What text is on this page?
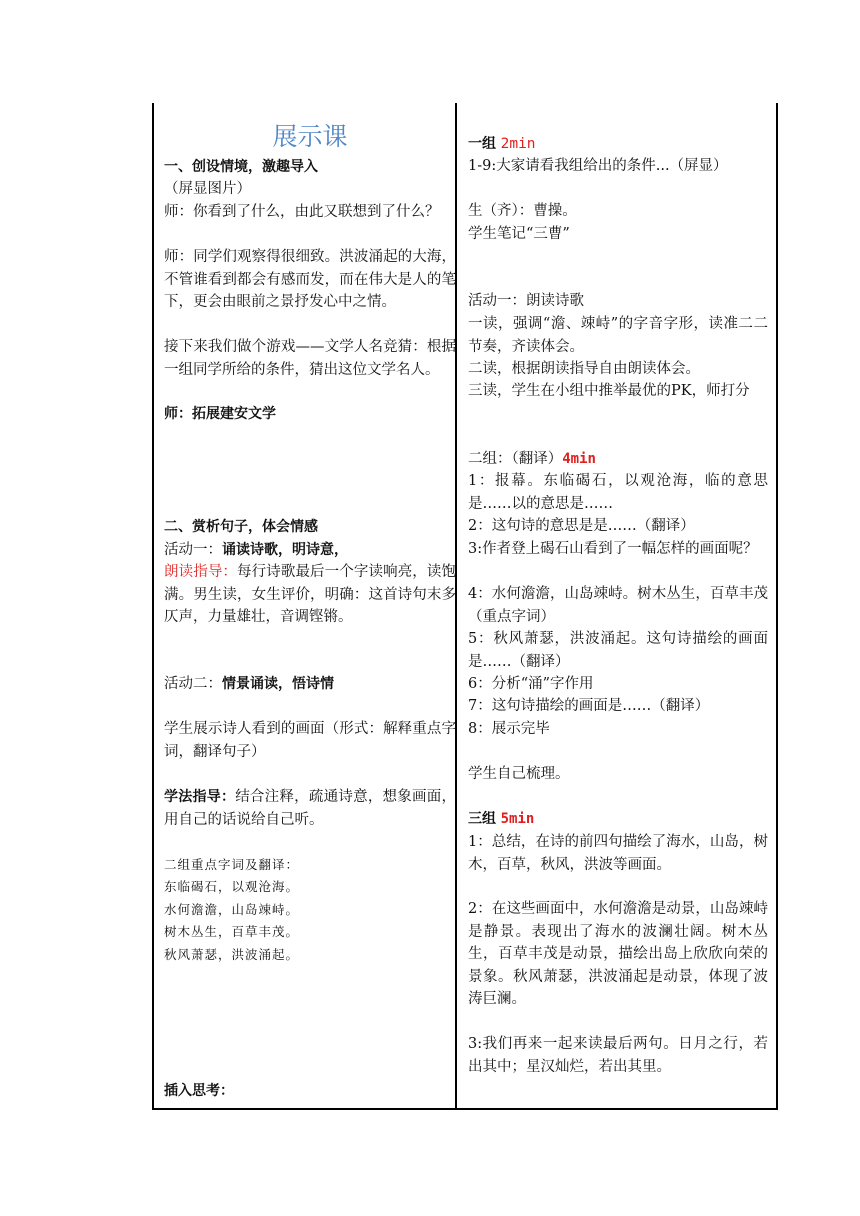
展示课
一、创设情境，激趣导入
（屏显图片）
师：你看到了什么，由此又联想到了什么？
师：同学们观察得很细致。洪波涌起的大海，不管谁看到都会有感而发，而在伟大是人的笔下，更会由眼前之景抒发心中之情。
接下来我们做个游戏——文学人名竞猜：根据一组同学所给的条件，猜出这位文学名人。
师：拓展建安文学
二、赏析句子，体会情感
活动一：诵读诗歌，明诗意，
朗读指导：每行诗歌最后一个字读响亮，读饱满。男生读，女生评价，明确：这首诗句末多仄声，力量雄壮，音调铿锵。
活动二：情景诵读，悟诗情
学生展示诗人看到的画面（形式：解释重点字词，翻译句子）
学法指导：结合注释，疏通诗意，想象画面，用自己的话说给自己听。
二组重点字词及翻译：
东临碣石，以观沧海。
水何澹澹，山岛竦峙。
树木丛生，百草丰茂。
秋风萧瑟，洪波涌起。
插入思考：
一组 2min
1-9:大家请看我组给出的条件...（屏显）
生（齐）：曹操。
学生笔记“三曹”
活动一：朗读诗歌
一读，强调“澹、竦峙”的字音字形，读准二二节奏，齐读体会。
二读，根据朗读指导自由朗读体会。
三读，学生在小组中推举最优的PK，师打分
二组：（翻译）4min
1：报幕。东临碣石，以观沧海，临的意思是……以的意思是……
2：这句诗的意思是是……（翻译）
3:作者登上碣石山看到了一幅怎样的画面呢？
4：水何澹澹，山岛竦峙。树木丛生，百草丰茂（重点字词）
5：秋风萧瑟，洪波涌起。这句诗描绘的画面是……（翻译）
6：分析“涌”字作用
7：这句诗描绘的画面是……（翻译）
8：展示完毕
学生自己梳理。
三组 5min
1：总结，在诗的前四句描绘了海水，山岛，树木，百草，秋风，洪波等画面。
2：在这些画面中，水何澹澹是动景，山岛竦峙是静景。表现出了海水的波澜壮阔。树木丛生，百草丰茂是动景，描绘出岛上欣欣向荣的景象。秋风萧瑟，洪波涌起是动景，体现了波涛巨澜。
3:我们再来一起来读最后两句。日月之行，若出其中；星汉灿烂，若出其里。
